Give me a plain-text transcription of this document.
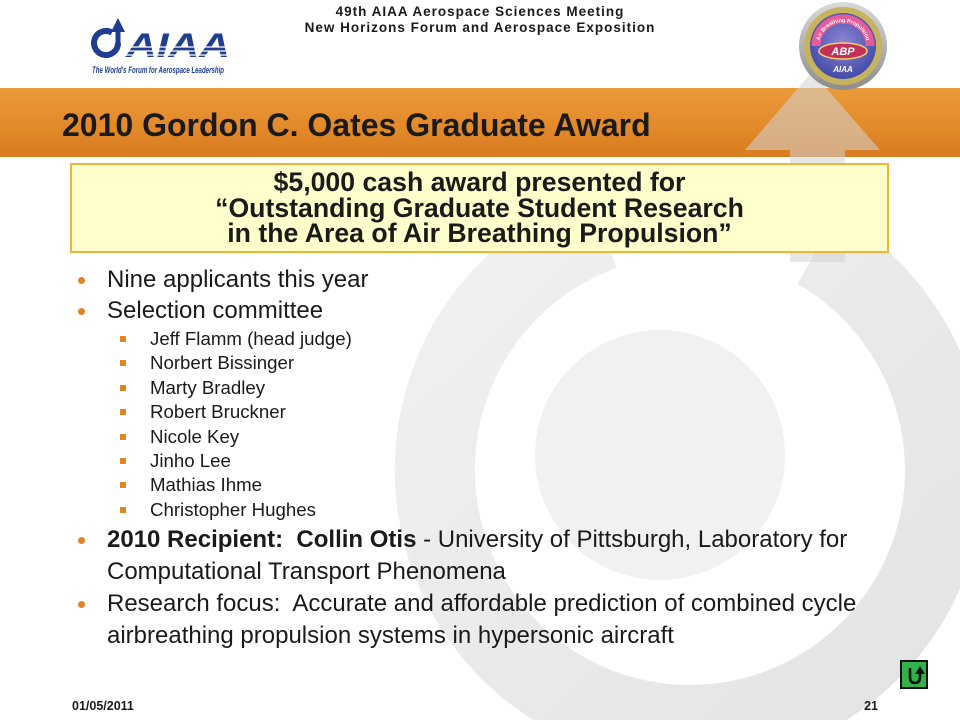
AIAA
The World's Forum for Aerospace Leadership
49th AIAA Aerospace Sciences Meeting
New Horizons Forum and Aerospace Exposition
Air Breathing Propulsion
ABP
AIAA
2010 Gordon C. Oates Graduate Award
$5,000 cash award presented for
“Outstanding Graduate Student Research
in the Area of Air Breathing Propulsion”
Nine applicants this year
Selection committee
Jeff Flamm (head judge)
Norbert Bissinger
Marty Bradley
Robert Bruckner
Nicole Key
Jinho Lee
Mathias Ihme
Christopher Hughes
2010 Recipient:  Collin Otis - University of Pittsburgh, Laboratory for Computational Transport Phenomena
Research focus:  Accurate and affordable prediction of combined cycle airbreathing propulsion systems in hypersonic aircraft
01/05/2011	21
